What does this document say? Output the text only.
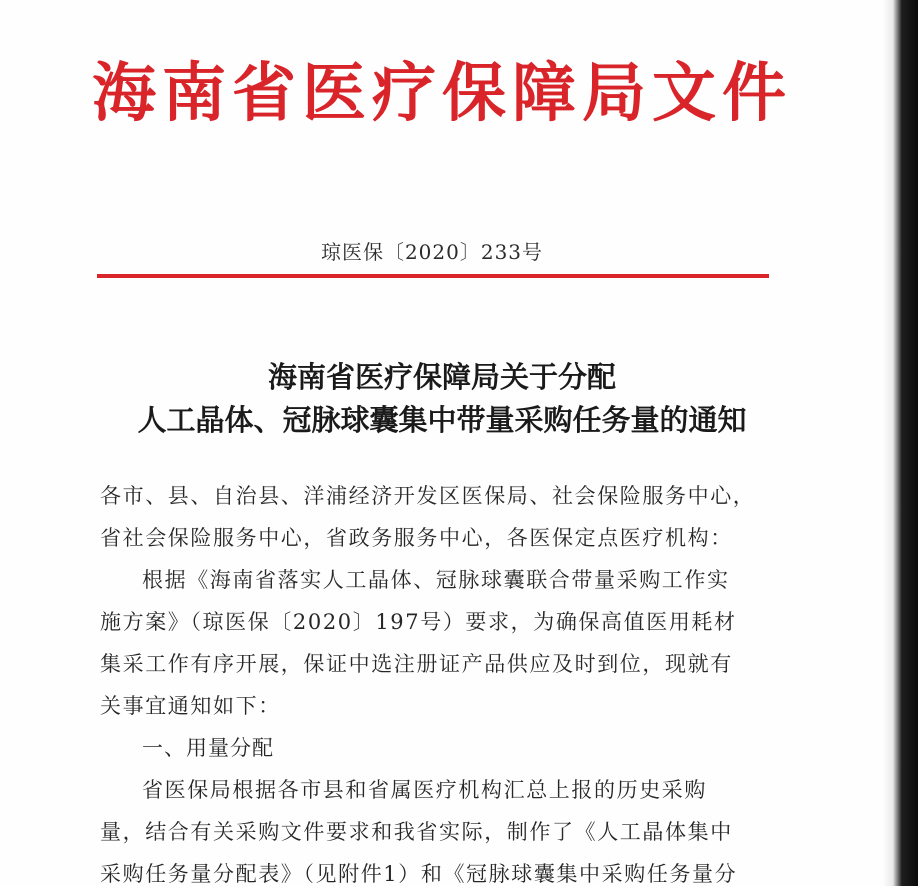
海南省医疗保障局文件
琼医保〔2020〕233号
海南省医疗保障局关于分配
人工晶体、冠脉球囊集中带量采购任务量的通知
各市、县、自治县、洋浦经济开发区医保局、社会保险服务中心，
省社会保险服务中心，省政务服务中心，各医保定点医疗机构：
根据《海南省落实人工晶体、冠脉球囊联合带量采购工作实
施方案》（琼医保〔2020〕197号）要求，为确保高值医用耗材
集采工作有序开展，保证中选注册证产品供应及时到位，现就有
关事宜通知如下：
一、用量分配
省医保局根据各市县和省属医疗机构汇总上报的历史采购
量，结合有关采购文件要求和我省实际，制作了《人工晶体集中
采购任务量分配表》（见附件1）和《冠脉球囊集中采购任务量分
